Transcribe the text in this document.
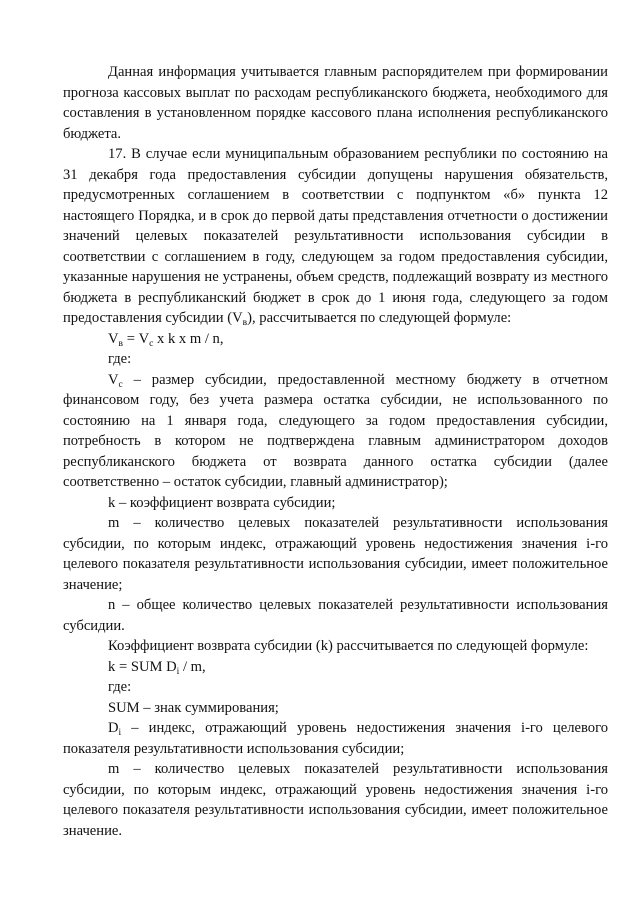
Данная информация учитывается главным распорядителем при формировании прогноза кассовых выплат по расходам республиканского бюджета, необходимого для составления в установленном порядке кассового плана исполнения республиканского бюджета.

17. В случае если муниципальным образованием республики по состоянию на 31 декабря года предоставления субсидии допущены нарушения обязательств, предусмотренных соглашением в соответствии с подпунктом «б» пункта 12 настоящего Порядка, и в срок до первой даты представления отчетности о достижении значений целевых показателей результативности использования субсидии в соответствии с соглашением в году, следующем за годом предоставления субсидии, указанные нарушения не устранены, объем средств, подлежащий возврату из местного бюджета в республиканский бюджет в срок до 1 июня года, следующего за годом предоставления субсидии $(V_в)$, рассчитывается по следующей формуле:

$V_в = V_с$ x k x m / n,

где:

$V_с$ – размер субсидии, предоставленной местному бюджету в отчетном финансовом году, без учета размера остатка субсидии, не использованного по состоянию на 1 января года, следующего за годом предоставления субсидии, потребность в котором не подтверждена главным администратором доходов республиканского бюджета от возврата данного остатка субсидии (далее соответственно – остаток субсидии, главный администратор);

k – коэффициент возврата субсидии;

m – количество целевых показателей результативности использования субсидии, по которым индекс, отражающий уровень недостижения значения i-го целевого показателя результативности использования субсидии, имеет положительное значение;

n – общее количество целевых показателей результативности использования субсидии.

Коэффициент возврата субсидии (k) рассчитывается по следующей формуле:

k = SUM $D_i$ / m,

где:

SUM – знак суммирования;

$D_i$ – индекс, отражающий уровень недостижения значения i-го целевого показателя результативности использования субсидии;

m – количество целевых показателей результативности использования субсидии, по которым индекс, отражающий уровень недостижения значения i-го целевого показателя результативности использования субсидии, имеет положительное значение.
